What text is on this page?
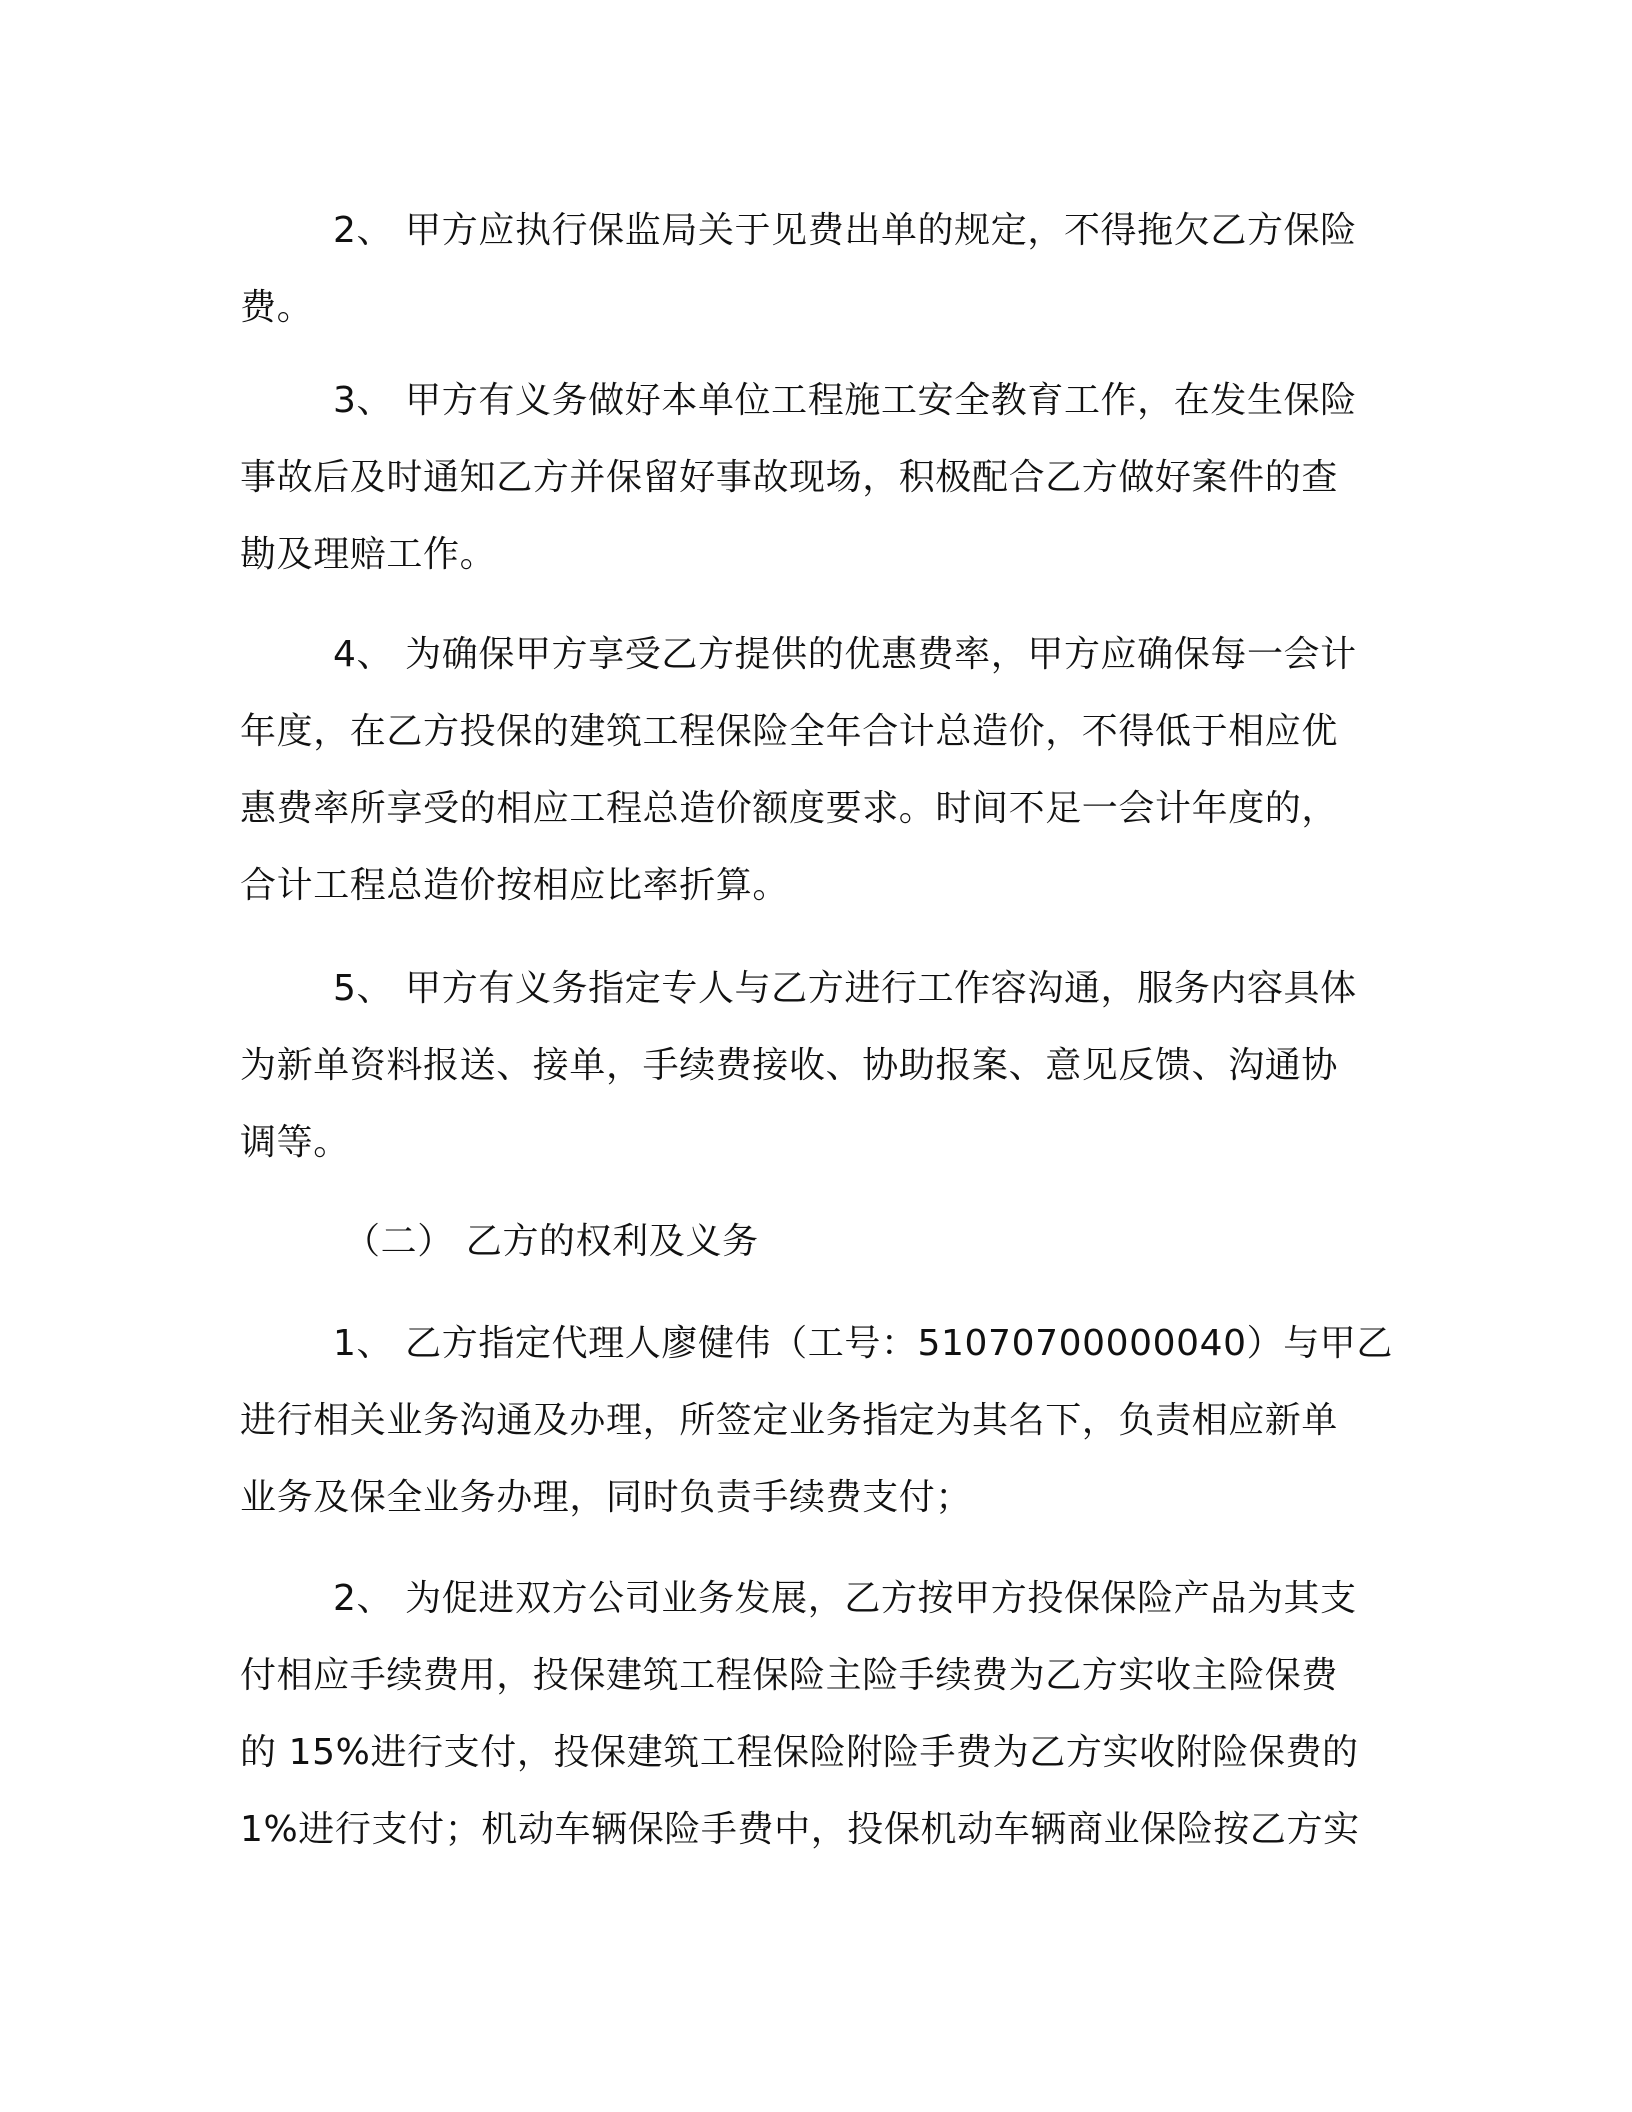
2、 甲方应执行保监局关于见费出单的规定，不得拖欠乙方保险
费。

3、 甲方有义务做好本单位工程施工安全教育工作，在发生保险
事故后及时通知乙方并保留好事故现场，积极配合乙方做好案件的查
勘及理赔工作。

4、 为确保甲方享受乙方提供的优惠费率，甲方应确保每一会计
年度，在乙方投保的建筑工程保险全年合计总造价，不得低于相应优
惠费率所享受的相应工程总造价额度要求。时间不足一会计年度的，
合计工程总造价按相应比率折算。

5、 甲方有义务指定专人与乙方进行工作容沟通，服务内容具体
为新单资料报送、接单，手续费接收、协助报案、意见反馈、沟通协
调等。

（二） 乙方的权利及义务

1、 乙方指定代理人廖健伟（工号：51070700000040）与甲乙
进行相关业务沟通及办理，所签定业务指定为其名下，负责相应新单
业务及保全业务办理，同时负责手续费支付；

2、 为促进双方公司业务发展，乙方按甲方投保保险产品为其支
付相应手续费用，投保建筑工程保险主险手续费为乙方实收主险保费
的 15%进行支付，投保建筑工程保险附险手费为乙方实收附险保费的
1%进行支付；机动车辆保险手费中，投保机动车辆商业保险按乙方实
